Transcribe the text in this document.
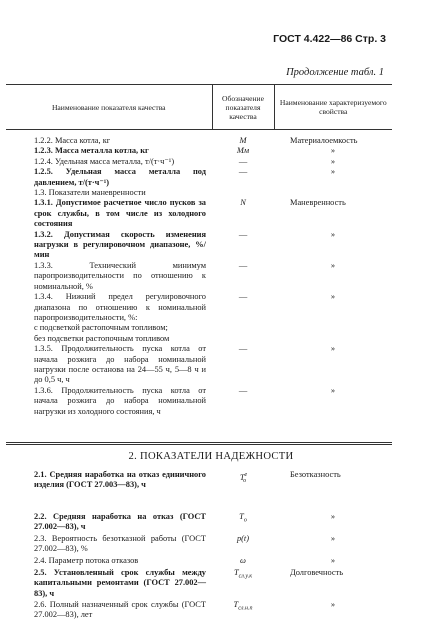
ГОСТ 4.422—86 Стр. 3
Продолжение табл. 1
Наименование показателя качества	Обозначение показателя качества	Наименование характеризуемого свойства

1.2.2. Масса котла, кг	M	Материалоемкость
1.2.3. Масса металла котла, кг	Mм	»
1.2.4. Удельная масса металла, т/(т·ч⁻¹)	—	»
1.2.5. Удельная масса металла под давлением, т/(т·ч⁻¹)	—	»
1.3. Показатели маневренности		
1.3.1. Допустимое расчетное число пусков за срок службы, в том числе из холодного состояния	N	Маневренность
1.3.2. Допустимая скорость изменения нагрузки в регулировочном диапазоне, %/мин	—	»
1.3.3. Технический минимум паропроизводительности по отношению к номинальной, %	—	»
1.3.4. Нижний предел регулировочного диапазона по отношению к номинальной паропроизводительности, %:	—	»
с подсветкой растопочным топливом;		
без подсветки растопочным топливом		
1.3.5. Продолжительность пуска котла от начала розжига до набора номинальной нагрузки после останова на 24—55 ч, 5—8 ч и до 0,5 ч, ч	—	»
1.3.6. Продолжительность пуска котла от начала розжига до набора номинальной нагрузки из холодного состояния, ч	—	»
2. ПОКАЗАТЕЛИ НАДЕЖНОСТИ
2.1. Средняя наработка на отказ единичного изделия (ГОСТ 27.003—83), ч	$T^e_o$	Безотказность
2.2. Средняя наработка на отказ (ГОСТ 27.002—83), ч	$T_o$	»
2.3. Вероятность безотказной работы (ГОСТ 27.002—83), %	p(t)	»
2.4. Параметр потока отказов	ω	»
2.5. Установленный срок службы между капитальными ремонтами (ГОСТ 27.002—83), ч	$T_{сл.у.к}$	Долговечность
2.6. Полный назначенный срок службы (ГОСТ 27.002—83), лет	$T_{сл.н.п}$	»
